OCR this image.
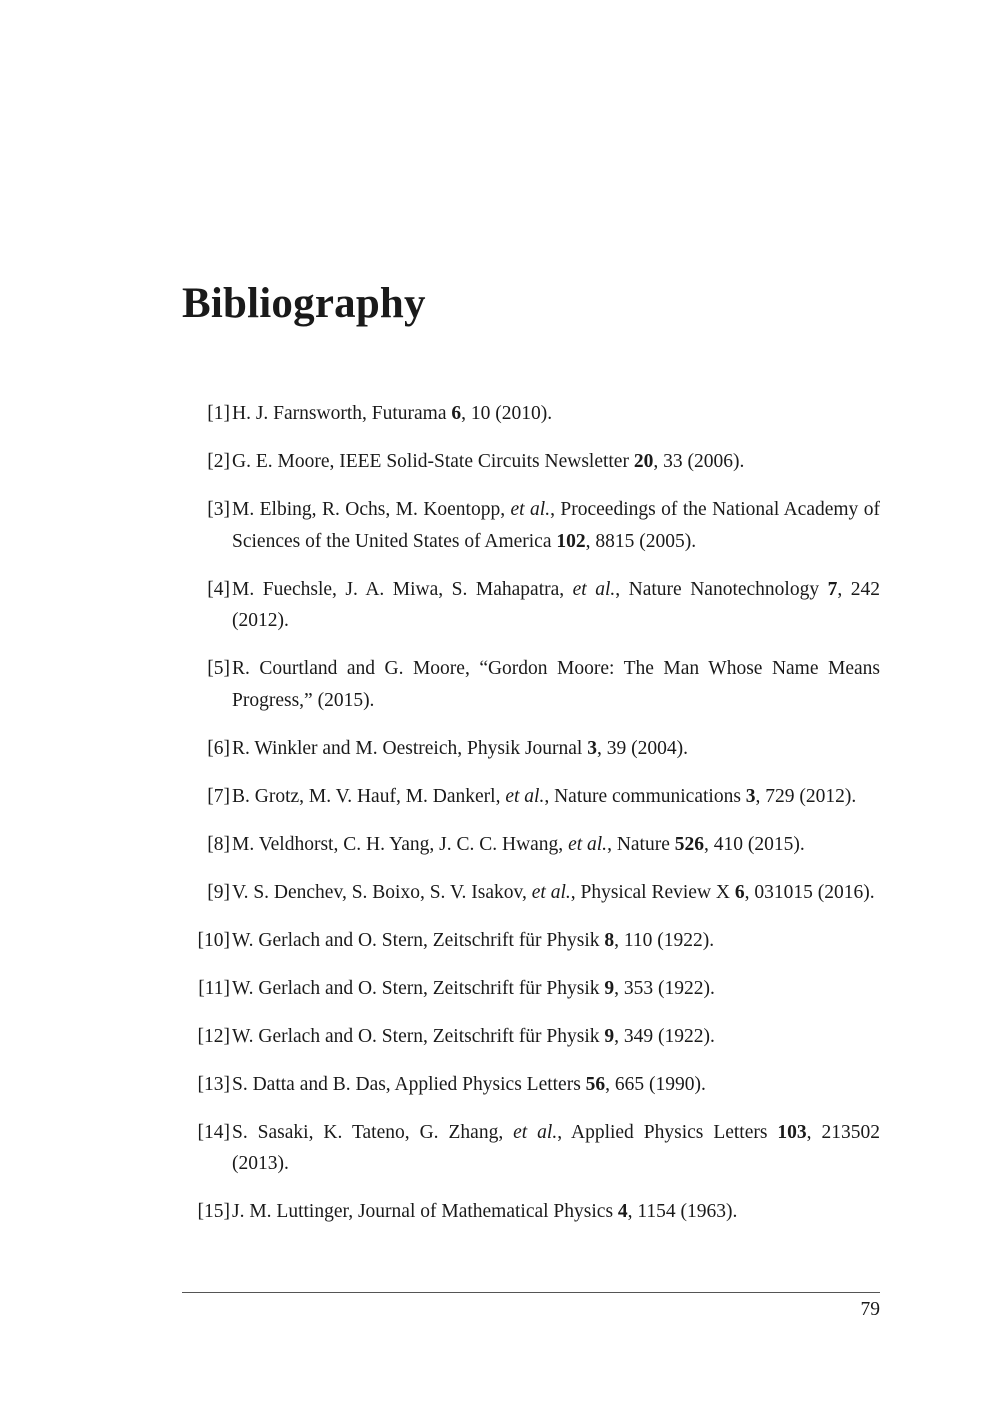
Bibliography
[1] H. J. Farnsworth, Futurama 6, 10 (2010).
[2] G. E. Moore, IEEE Solid-State Circuits Newsletter 20, 33 (2006).
[3] M. Elbing, R. Ochs, M. Koentopp, et al., Proceedings of the National Academy of Sciences of the United States of America 102, 8815 (2005).
[4] M. Fuechsle, J. A. Miwa, S. Mahapatra, et al., Nature Nanotechnology 7, 242 (2012).
[5] R. Courtland and G. Moore, “Gordon Moore: The Man Whose Name Means Progress,” (2015).
[6] R. Winkler and M. Oestreich, Physik Journal 3, 39 (2004).
[7] B. Grotz, M. V. Hauf, M. Dankerl, et al., Nature communications 3, 729 (2012).
[8] M. Veldhorst, C. H. Yang, J. C. C. Hwang, et al., Nature 526, 410 (2015).
[9] V. S. Denchev, S. Boixo, S. V. Isakov, et al., Physical Review X 6, 031015 (2016).
[10] W. Gerlach and O. Stern, Zeitschrift für Physik 8, 110 (1922).
[11] W. Gerlach and O. Stern, Zeitschrift für Physik 9, 353 (1922).
[12] W. Gerlach and O. Stern, Zeitschrift für Physik 9, 349 (1922).
[13] S. Datta and B. Das, Applied Physics Letters 56, 665 (1990).
[14] S. Sasaki, K. Tateno, G. Zhang, et al., Applied Physics Letters 103, 213502 (2013).
[15] J. M. Luttinger, Journal of Mathematical Physics 4, 1154 (1963).
79
